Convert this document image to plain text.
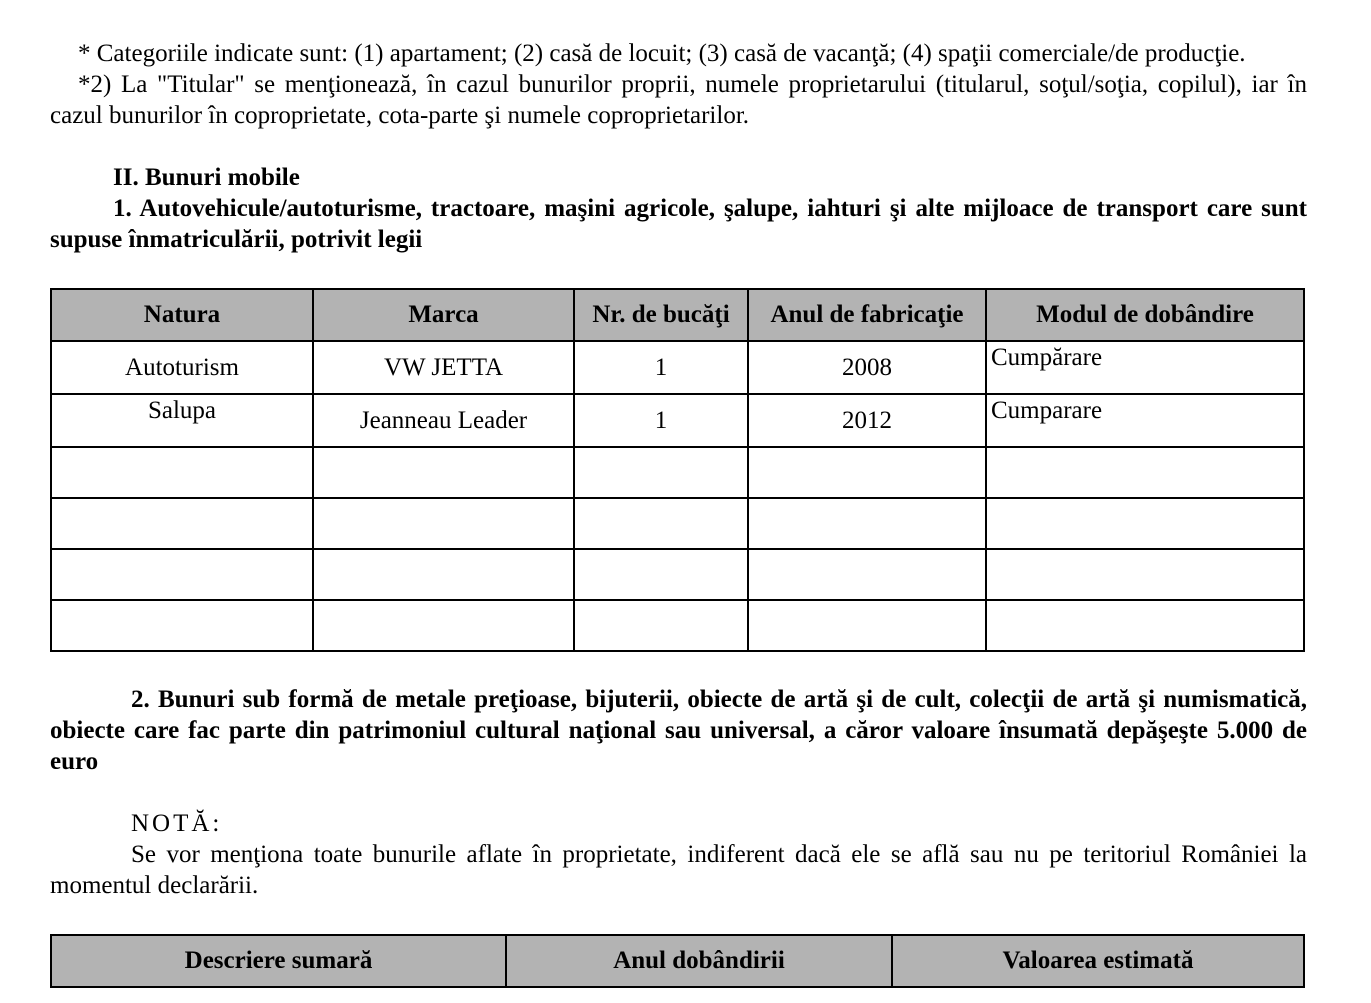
* Categoriile indicate sunt: (1) apartament; (2) casă de locuit; (3) casă de vacanţă; (4) spaţii comerciale/de producţie.

*2) La "Titular" se menţionează, în cazul bunurilor proprii, numele proprietarului (titularul, soţul/soţia, copilul), iar în cazul bunurilor în coproprietate, cota-parte şi numele coproprietarilor.

II. Bunuri mobile

1. Autovehicule/autoturisme, tractoare, maşini agricole, şalupe, iahturi şi alte mijloace de transport care sunt supuse înmatriculării, potrivit legii

Natura	Marca	Nr. de bucăţi	Anul de fabricaţie	Modul de dobândire
Autoturism	VW JETTA	1	2008	Cumpărare
Salupa	Jeanneau Leader	1	2012	Cumparare

2. Bunuri sub formă de metale preţioase, bijuterii, obiecte de artă şi de cult, colecţii de artă şi numismatică, obiecte care fac parte din patrimoniul cultural naţional sau universal, a căror valoare însumată depăşeşte 5.000 de euro

NOTĂ:

Se vor menţiona toate bunurile aflate în proprietate, indiferent dacă ele se află sau nu pe teritoriul României la momentul declarării.

Descriere sumară	Anul dobândirii	Valoarea estimată
